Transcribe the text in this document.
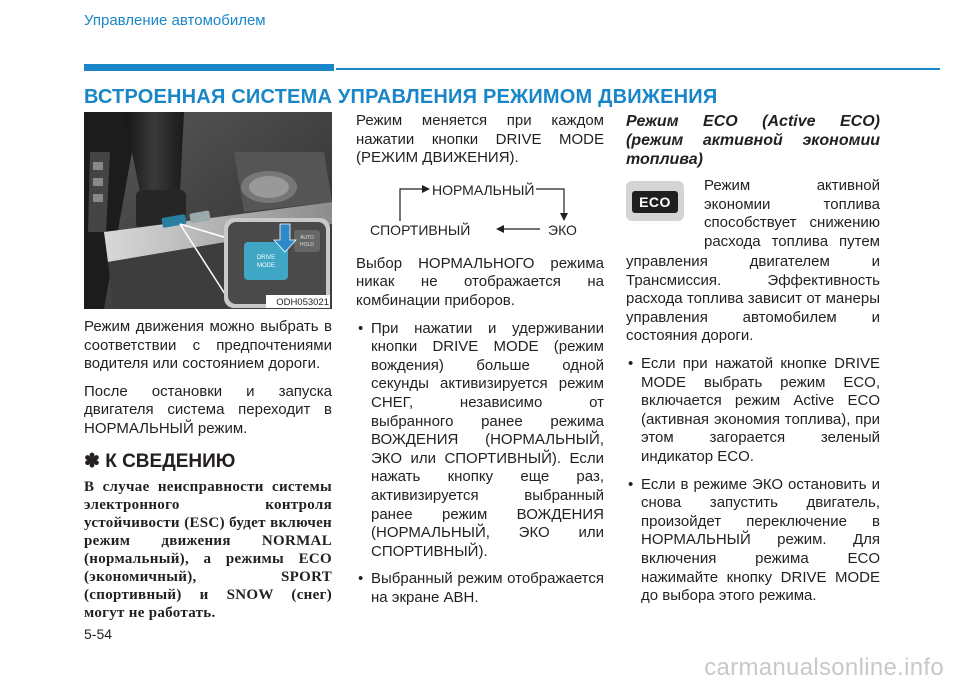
Управление автомобилем
ВСТРОЕННАЯ СИСТЕМА УПРАВЛЕНИЯ РЕЖИМОМ ДВИЖЕНИЯ
DRIVE
MODE
AUTO
HOLD
ODH053021

Режим движения можно выбрать в соответствии с предпочтениями водителя или состоянием дороги.

После остановки и запуска двигателя система переходит в НОРМАЛЬНЫЙ режим.

✽ К СВЕДЕНИЮ
В случае неисправности системы электронного контроля устойчивости (ESC) будет включен режим движения NORMAL (нормальный), а режимы ECO (экономичный), SPORT (спортивный) и SNOW (снег) могут не работать.

Режим меняется при каждом нажатии кнопки DRIVE MODE (РЕЖИМ ДВИЖЕНИЯ).

НОРМАЛЬНЫЙ
СПОРТИВНЫЙ	ЭКО

Выбор НОРМАЛЬНОГО режима никак не отображается на комбинации приборов.

• При нажатии и удерживании кнопки DRIVE MODE (режим вождения) больше одной секунды активизируется режим СНЕГ, независимо от выбранного ранее режима ВОЖДЕНИЯ (НОРМАЛЬНЫЙ, ЭКО или СПОРТИВНЫЙ). Если нажать кнопку еще раз, активизируется выбранный ранее режим ВОЖДЕНИЯ (НОРМАЛЬНЫЙ, ЭКО или СПОРТИВНЫЙ).
• Выбранный режим отображается на экране АВН.
Режим ECO (Active ECO) (режим активной экономии топлива)
ECO
Режим активной
экономии топлива
способствует снижению
расхода топлива путем

управления двигателем и Трансмиссия. Эффективность расхода топлива зависит от манеры управления автомобилем и состояния дороги.

• Если при нажатой кнопке DRIVE MODE выбрать режим ECO, включается режим Active ECO (активная экономия топлива), при этом загорается зеленый индикатор ECO.
• Если в режиме ЭКО остановить и снова запустить двигатель, произойдет переключение в НОРМАЛЬНЫЙ режим. Для включения режима ECO нажимайте кнопку DRIVE MODE до выбора этого режима.
5-54
carmanualsonline.info
